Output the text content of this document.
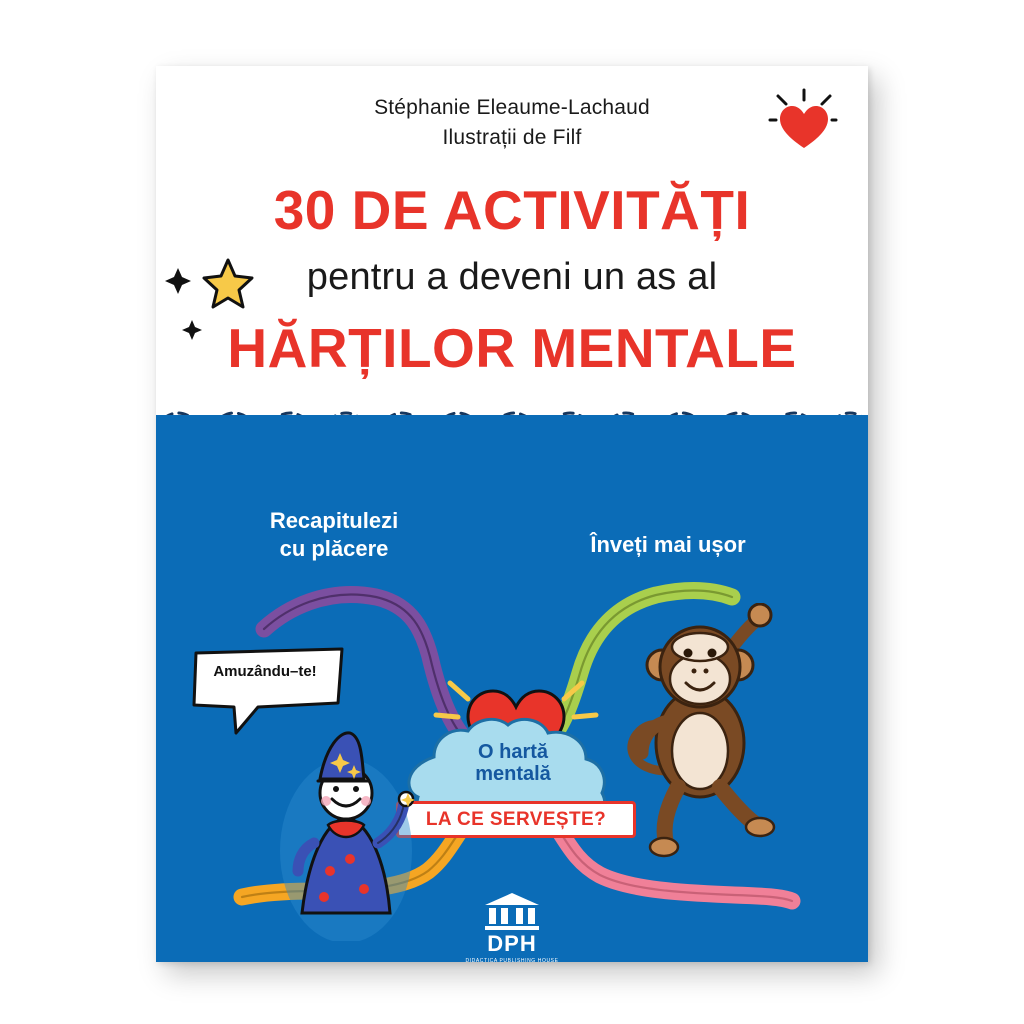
Stéphanie Eleaume-Lachaud
Ilustrații de Filf
30 DE ACTIVITĂȚI
pentru a deveni un as al
HĂRȚILOR MENTALE
O hartă
mentală
LA CE SERVEȘTE?
Recapitulezi
cu plăcere	Înveți mai ușor
Amuzându–te!
DPH
DIDACTICA PUBLISHING HOUSE
